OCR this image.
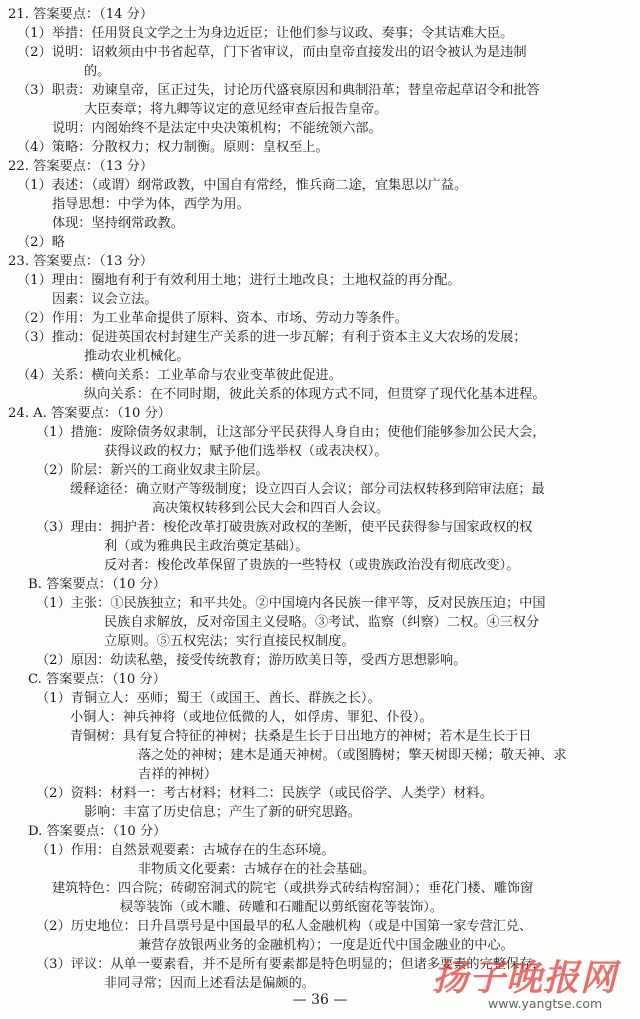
21. 答案要点：（14 分）
（1）举措：任用贤良文学之士为身边近臣；让他们参与议政、奏事；令其诘难大臣。
（2）说明：诏敕须由中书省起草，门下省审议，而由皇帝直接发出的诏令被认为是违制
的。
（3）职责：劝谏皇帝，匡正过失，讨论历代盛衰原因和典制沿革；替皇帝起草诏令和批答
大臣奏章；将九卿等议定的意见经审查后报告皇帝。
说明：内阁始终不是法定中央决策机构；不能统领六部。
（4）策略：分散权力；权力制衡。原则：皇权至上。
22. 答案要点：（13 分）
（1）表述：（或谓）纲常政教，中国自有常经，惟兵商二途，宜集思以广益。
指导思想：中学为体，西学为用。
体现：坚持纲常政教。
（2）略
23. 答案要点：（13 分）
（1）理由：圈地有利于有效利用土地；进行土地改良；土地权益的再分配。
因素：议会立法。
（2）作用：为工业革命提供了原料、资本、市场、劳动力等条件。
（3）推动：促进英国农村封建生产关系的进一步瓦解；有利于资本主义大农场的发展；
推动农业机械化。
（4）关系：横向关系：工业革命与农业变革彼此促进。
纵向关系：在不同时期，彼此关系的体现方式不同，但贯穿了现代化基本进程。
24. A. 答案要点：（10 分）
（1）措施：废除债务奴隶制，让这部分平民获得人身自由；使他们能够参加公民大会，
获得议政的权力；赋予他们选举权（或表决权）。
（2）阶层：新兴的工商业奴隶主阶层。
缓释途径：确立财产等级制度；设立四百人会议；部分司法权转移到陪审法庭；最
高决策权转移到公民大会和四百人会议。
（3）理由：拥护者：梭伦改革打破贵族对政权的垄断，使平民获得参与国家政权的权
利（或为雅典民主政治奠定基础）。
反对者：梭伦改革保留了贵族的一些特权（或贵族政治没有彻底改变）。
B. 答案要点：（10 分）
（1）主张：①民族独立；和平共处。②中国境内各民族一律平等，反对民族压迫；中国
民族自求解放，反对帝国主义侵略。③考试、监察（纠察）二权。④三权分
立原则。⑤五权宪法；实行直接民权制度。
（2）原因：幼读私塾，接受传统教育；游历欧美日等，受西方思想影响。
C. 答案要点：（10 分）
（1）青铜立人：巫师；蜀王（或国王、酋长、群族之长）。
小铜人：神兵神将（或地位低微的人，如俘虏、罪犯、仆役）。
青铜树：具有复合特征的神树；扶桑是生长于日出地方的神树；若木是生长于日
落之处的神树；建木是通天神树。（或图腾树；擎天树即天梯；敬天神、求
吉祥的神树）
（2）资料：材料一：考古材料；材料二：民族学（或民俗学、人类学）材料。
影响：丰富了历史信息；产生了新的研究思路。
D. 答案要点：（10 分）
（1）作用：自然景观要素：古城存在的生态环境。
非物质文化要素：古城存在的社会基础。
建筑特色：四合院；砖砌窑洞式的院宅（或拱券式砖结构窑洞）；垂花门楼、雕饰窗
棂等装饰（或木雕、砖雕和石雕配以剪纸窗花等装饰）。
（2）历史地位：日升昌票号是中国最早的私人金融机构（或是中国第一家专营汇兑、
兼营存放银两业务的金融机构）；一度是近代中国金融业的中心。
（3）评议：从单一要素看，并不是所有要素都是特色明显的；但诸多要素的完整保存，
非同寻常；因而上述看法是偏颇的。
— 36 —
扬子晚报网
www.yangtse.com
